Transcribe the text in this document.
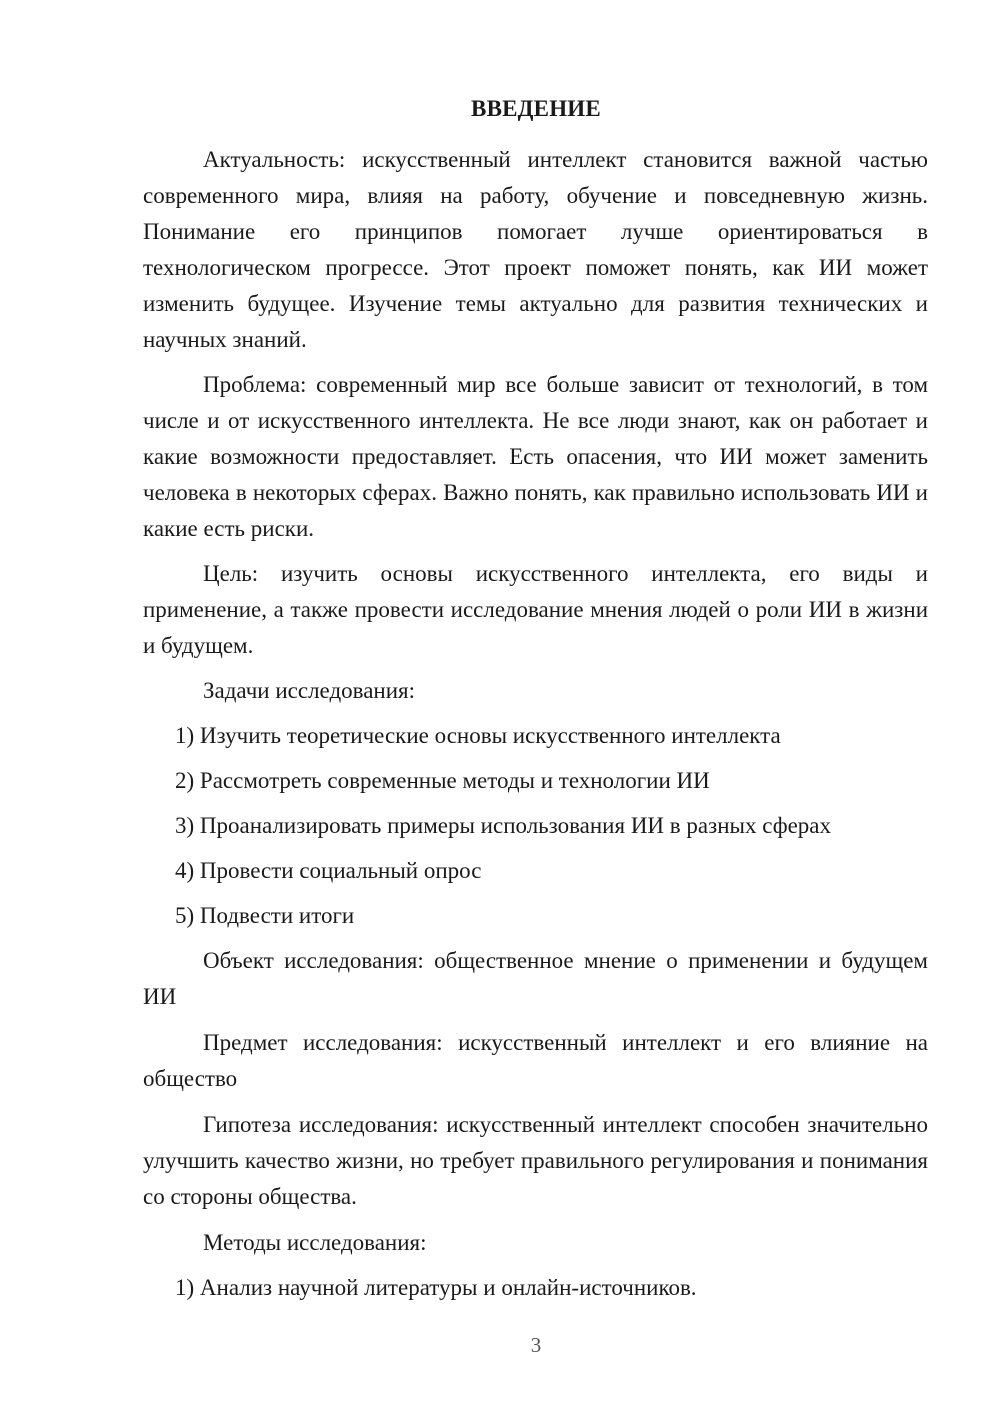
ВВЕДЕНИЕ

Актуальность: искусственный интеллект становится важной частью современного мира, влияя на работу, обучение и повседневную жизнь. Понимание его принципов помогает лучше ориентироваться в технологическом прогрессе. Этот проект поможет понять, как ИИ может изменить будущее. Изучение темы актуально для развития технических и научных знаний.

Проблема: современный мир все больше зависит от технологий, в том числе и от искусственного интеллекта. Не все люди знают, как он работает и какие возможности предоставляет. Есть опасения, что ИИ может заменить человека в некоторых сферах. Важно понять, как правильно использовать ИИ и какие есть риски.

Цель: изучить основы искусственного интеллекта, его виды и применение, а также провести исследование мнения людей о роли ИИ в жизни и будущем.

Задачи исследования:

1) Изучить теоретические основы искусственного интеллекта

2) Рассмотреть современные методы и технологии ИИ

3) Проанализировать примеры использования ИИ в разных сферах

4) Провести социальный опрос

5) Подвести итоги

Объект исследования: общественное мнение о применении и будущем ИИ

Предмет исследования: искусственный интеллект и его влияние на общество

Гипотеза исследования: искусственный интеллект способен значительно улучшить качество жизни, но требует правильного регулирования и понимания со стороны общества.

Методы исследования:

1) Анализ научной литературы и онлайн-источников.

3
